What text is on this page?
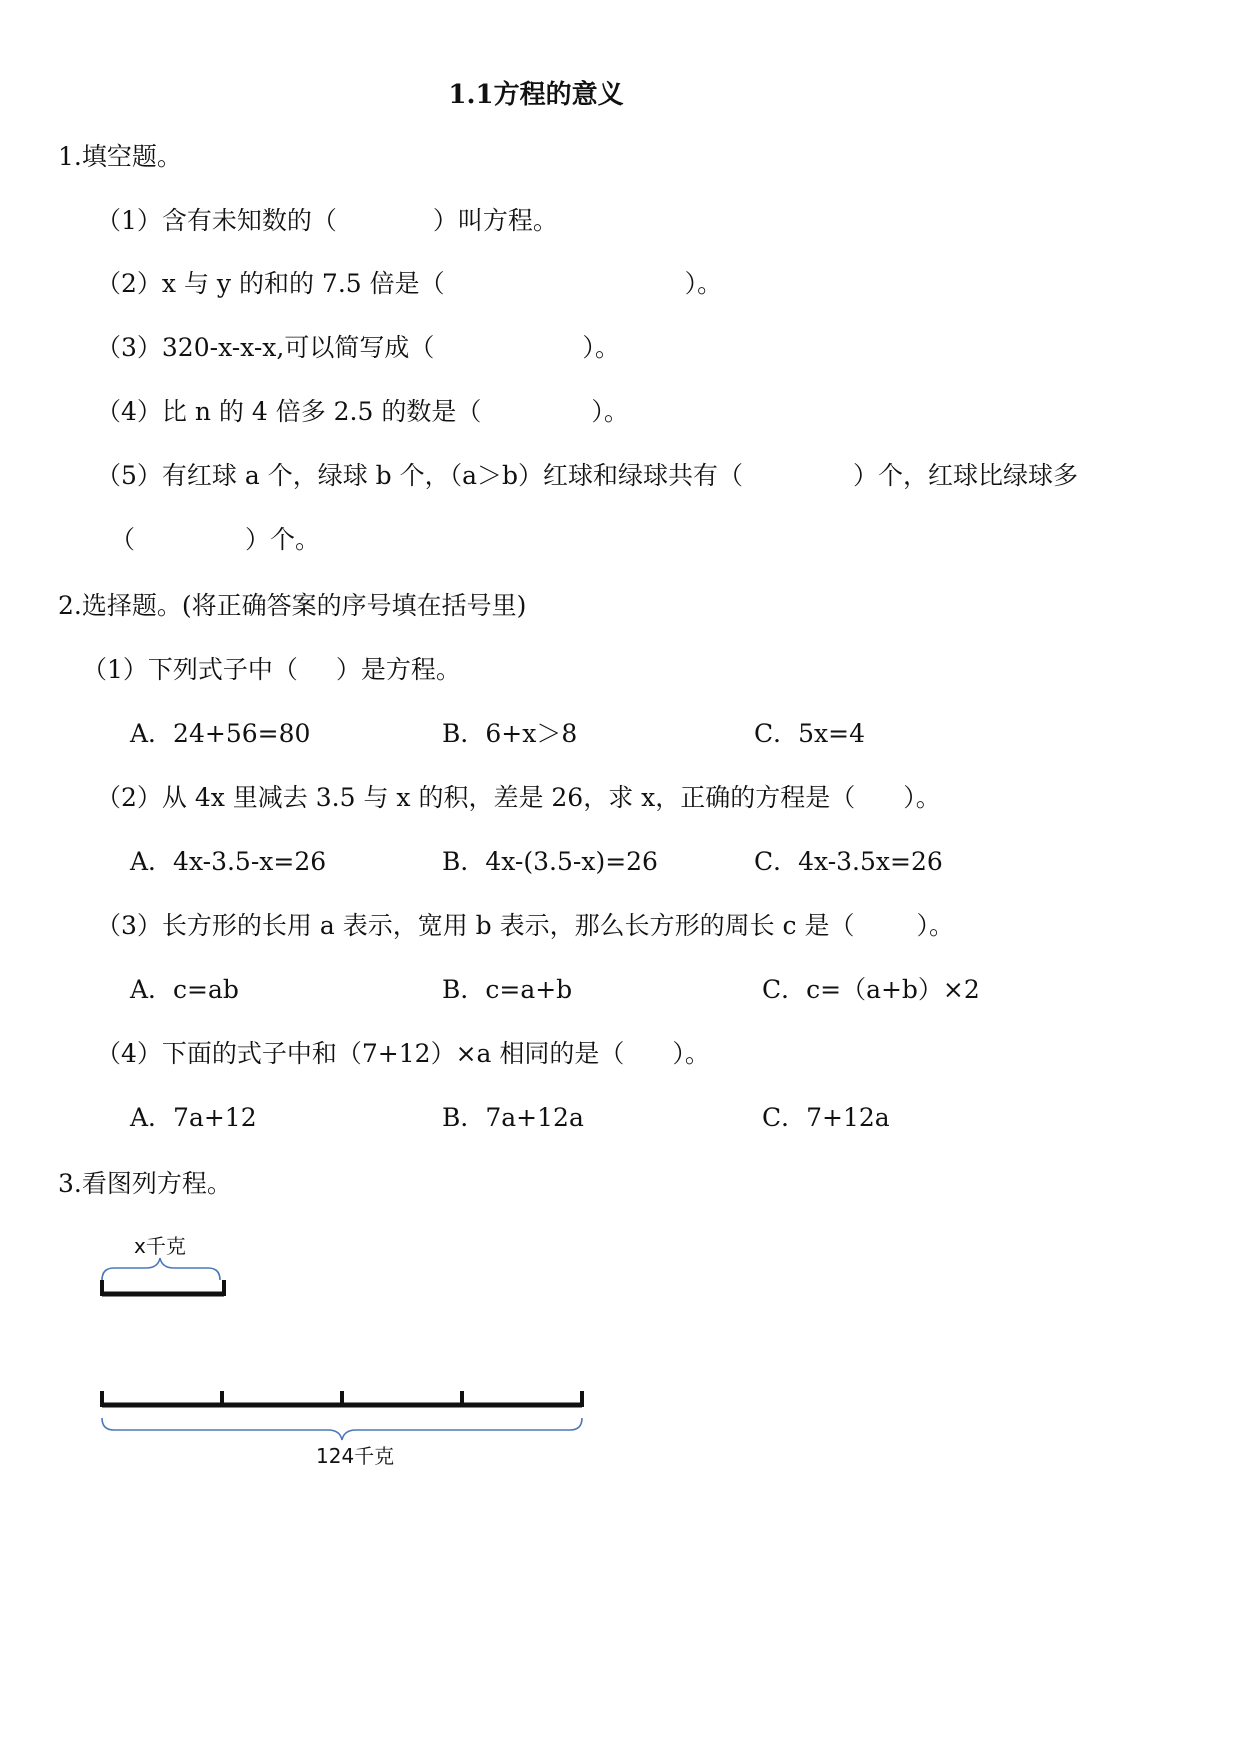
1.1方程的意义
1.填空题。
（1）含有未知数的（	）叫方程。
（2）x 与 y 的和的 7.5 倍是（	）。
（3）320-x-x-x,可以简写成（	）。
（4）比 n 的 4 倍多 2.5 的数是（	）。
（5）有红球 a 个，绿球 b 个，（a＞b）红球和绿球共有（	）个，红球比绿球多
（	）个。
2.选择题。(将正确答案的序号填在括号里)
（1）下列式子中（ ）是方程。
A．24+56=80	B．6+x＞8	C．5x=4
（2）从 4x 里减去 3.5 与 x 的积，差是 26，求 x，正确的方程是（ ）。
A．4x-3.5-x=26	B．4x-(3.5-x)=26	C．4x-3.5x=26
（3）长方形的长用 a 表示，宽用 b 表示，那么长方形的周长 c 是（ ）。
A．c=ab	B．c=a+b	C．c=（a+b）×2
（4）下面的式子中和（7+12）×a 相同的是（ ）。
A．7a+12	B．7a+12a	C．7+12a
3.看图列方程。
x千克
124千克
